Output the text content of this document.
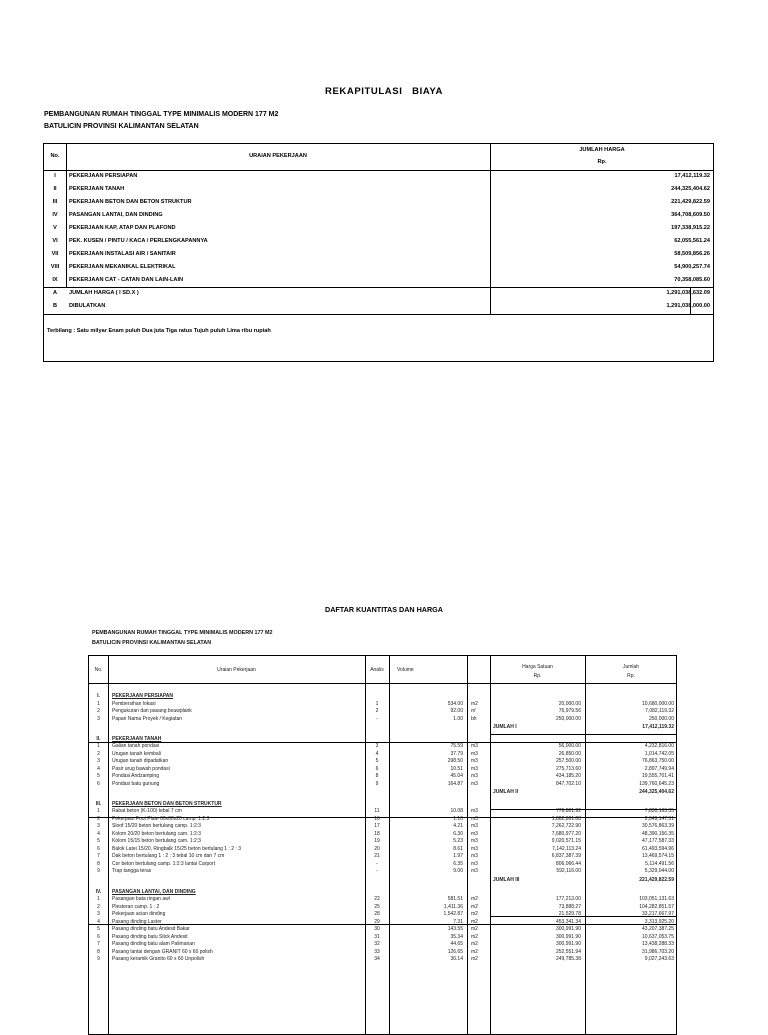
REKAPITULASI   BIAYA
PEMBANGUNAN RUMAH TINGGAL TYPE MINIMALIS MODERN 177 M2
BATULICIN PROVINSI KALIMANTAN SELATAN
No.	URAIAN PEKERJAAN
JUMLAH HARGA
Rp.
I	PEKERJAAN PERSIAPAN	17,412,119.32
II	PEKERJAAN TANAH	244,325,404.62
III	PEKERJAAN BETON DAN BETON STRUKTUR	221,429,822.59
IV	PASANGAN LANTAI, DAN DINDING	364,708,609.50
V	PEKERJAAN KAP, ATAP DAN PLAFOND	197,338,915.22
VI	PEK. KUSEN / PINTU / KACA / PERLENGKAPANNYA	62,055,561.24
VII	PEKERJAAN INSTALASI AIR / SANITAIR	58,509,856.26
VIII	PEKERJAAN MEKANIKAL ELEKTRIKAL	54,900,257.74
IX	PEKERJAAN CAT - CATAN DAN LAIN-LAIN	70,358,085.60
A	JUMLAH HARGA ( I SD.X )	1,291,038,632.09
B	DIBULATKAN	1,291,038,000.00
Terbilang : Satu milyar Enam puluh Dua juta Tiga ratus Tujuh puluh Lima ribu rupiah
DAFTAR KUANTITAS DAN HARGA
PEMBANGUNAN RUMAH TINGGAL TYPE MINIMALIS MODERN 177 M2
BATULICIN PROVINSI KALIMANTAN SELATAN
No.	Uraian Pekerjaan	Analis	Volume	Harga Satuan
Rp.
Jumlah
Rp.
I.	PEKERJAAN PERSIAPAN
1	Pembersihan lokasi	1	534.00 m2	20,000.00	10,680,000.00
2	Pengukuran dan pasang bouwplank	2	92.00 m'	76,979.56	7,082,119.32
3	Papan Nama Proyek / Kegiatan	-	1.00 bh	250,000.00	250,000.00
JUMLAH I	17,412,119.32
II.	PEKERJAAN TANAH
1	Galian tanah pondasi	3	75.59 m3	56,000.00	4,232,816.00
2	Urugan tanah kembali	4	37.79 m3	26,850.00	1,014,742.05
3	Urugan tanah dipadatkan	5	298.50 m3	257,500.00	76,863,750.00
4	Pasir urug bawah pondasi	6	10.51 m3	275,713.60	2,897,749.94
5	Pondasi Andzamping	8	45.04 m3	434,185.20	19,555,701.41
6	Pondasi batu gunung	9	164.87 m3	847,702.10	139,760,645.23
JUMLAH II	244,325,404.62
III.	PEKERJAAN BETON DAN BETON STRUKTUR
1	Rabat beton (K-100) tebal 7 cm	11	10.08 m3	776,801.92	7,830,163.35
2	Pekerjaan Foot Plate 60x60x20 camp. 1:2:3	16	1.10 m3	1,862,861.08	2,049,147.51
3	Sloof 15/20 beton bertulang camp. 1:2:3	17	4.21 m3	7,262,722.90	30,576,863.39
4	Kolom 20/20 beton bertulang cam. 1:2:3	18	6.30 m3	7,680,977.20	48,390,156.35
5	Kolom 15/15 beton bertulang cam. 1:2:3	19	5.23 m3	9,020,571.15	47,177,587.33
6	Balok Latei 15/20, Ringbalk 15/25 beton bertulang 1 : 2 : 3	20	8.61 m3	7,142,113.24	61,493,594.96
7	Dak beton bertulang 1 : 2 : 3 tebal 10 cm dan 7 cm	21	1.97 m3	6,837,387.39	13,469,574.15
8	Cor beton bertulang camp. 1:2:3 lantai Carport	-	6.35 m3	806,066.44	5,114,491.56
9	Trap tangga teras	-	9.00 m3	592,116.00	5,329,044.00
JUMLAH III	221,429,822.59
IV.	PASANGAN LANTAI, DAN DINDING
1	Pasangan bata ringan awl	22	581.51 m2	177,213.00	103,051,131.63
2	Plesteran camp. 1 : 2	25	1,411.36 m2	73,888.27	104,282,851.57
3	Pekerjaan acian dinding	28	1,542.87 m2	21,529.78	33,217,667.97
4	Pasang dinding Laster	29	7.31 m2	453,341.34	3,313,925.20
5	Pasang dinding batu Andesit Bakar	30	143.55 m2	300,991.90	43,207,387.25
6	Pasang dinding batu Stick Andesit	31	35.34 m2	300,991.90	10,637,053.75
7	Pasang dinding batu alam Palimanan	32	44.65 m2	300,991.90	13,438,288.33
8	Pasang lantai dengan GRANIT 60 x 60 polish	33	126.65 m2	252,551.94	31,986,703.20
9	Pasang keramik Granito 60 x 60 Unpolish	34	36.14 m2	249,785.38	9,027,243.63
